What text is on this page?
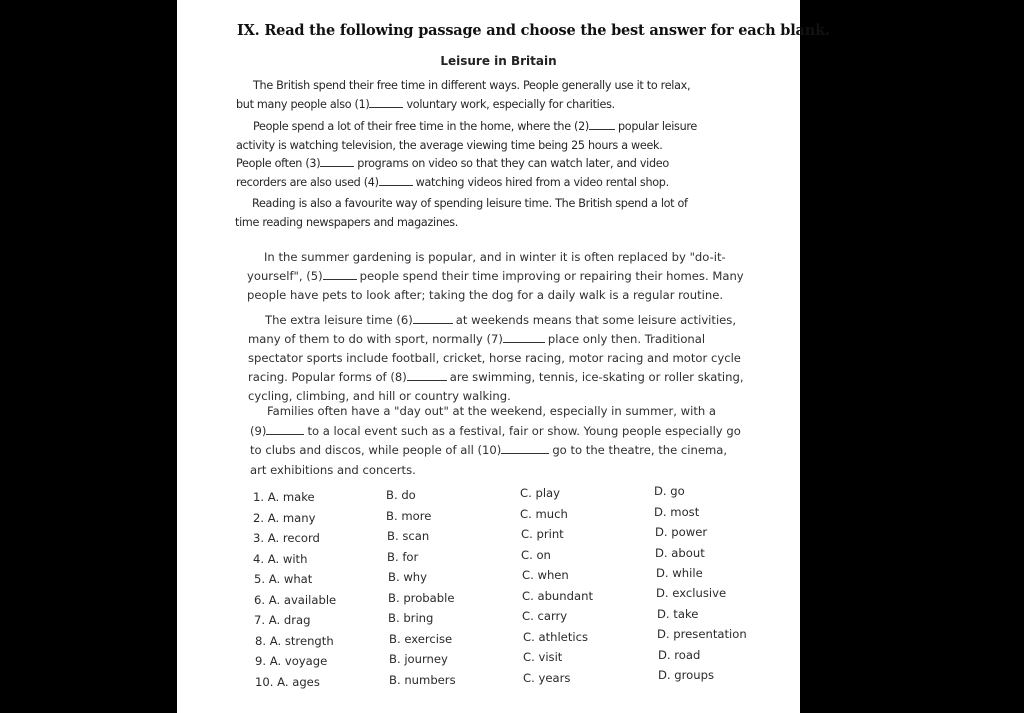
IX. Read the following passage and choose the best answer for each blank.
Leisure in Britain
The British spend their free time in different ways. People generally use it to relax,
but many people also (1)	voluntary work, especially for charities.
People spend a lot of their free time in the home, where the (2)	popular leisure
activity is watching television, the average viewing time being 25 hours a week.
People often (3)	programs on video so that they can watch later, and video
recorders are also used (4)	watching videos hired from a video rental shop.
Reading is also a favourite way of spending leisure time. The British spend a lot of
time reading newspapers and magazines.
In the summer gardening is popular, and in winter it is often replaced by "do-it-
yourself", (5)	people spend their time improving or repairing their homes. Many
people have pets to look after; taking the dog for a daily walk is a regular routine.
The extra leisure time (6)	at weekends means that some leisure activities,
many of them to do with sport, normally (7)	place only then. Traditional
spectator sports include football, cricket, horse racing, motor racing and motor cycle
racing. Popular forms of (8)	are swimming, tennis, ice-skating or roller skating,
cycling, climbing, and hill or country walking.
Families often have a "day out" at the weekend, especially in summer, with a
(9)	to a local event such as a festival, fair or show. Young people especially go
to clubs and discos, while people of all (10)	go to the theatre, the cinema,
art exhibitions and concerts.
1. A. make	B. do	C. play	D. go
2. A. many	B. more	C. much	D. most
3. A. record	B. scan	C. print	D. power
4. A. with	B. for	C. on	D. about
5. A. what	B. why	C. when	D. while
6. A. available	B. probable	C. abundant	D. exclusive
7. A. drag	B. bring	C. carry	D. take
8. A. strength	B. exercise	C. athletics	D. presentation
9. A. voyage	B. journey	C. visit	D. road
10. A. ages	B. numbers	C. years	D. groups
